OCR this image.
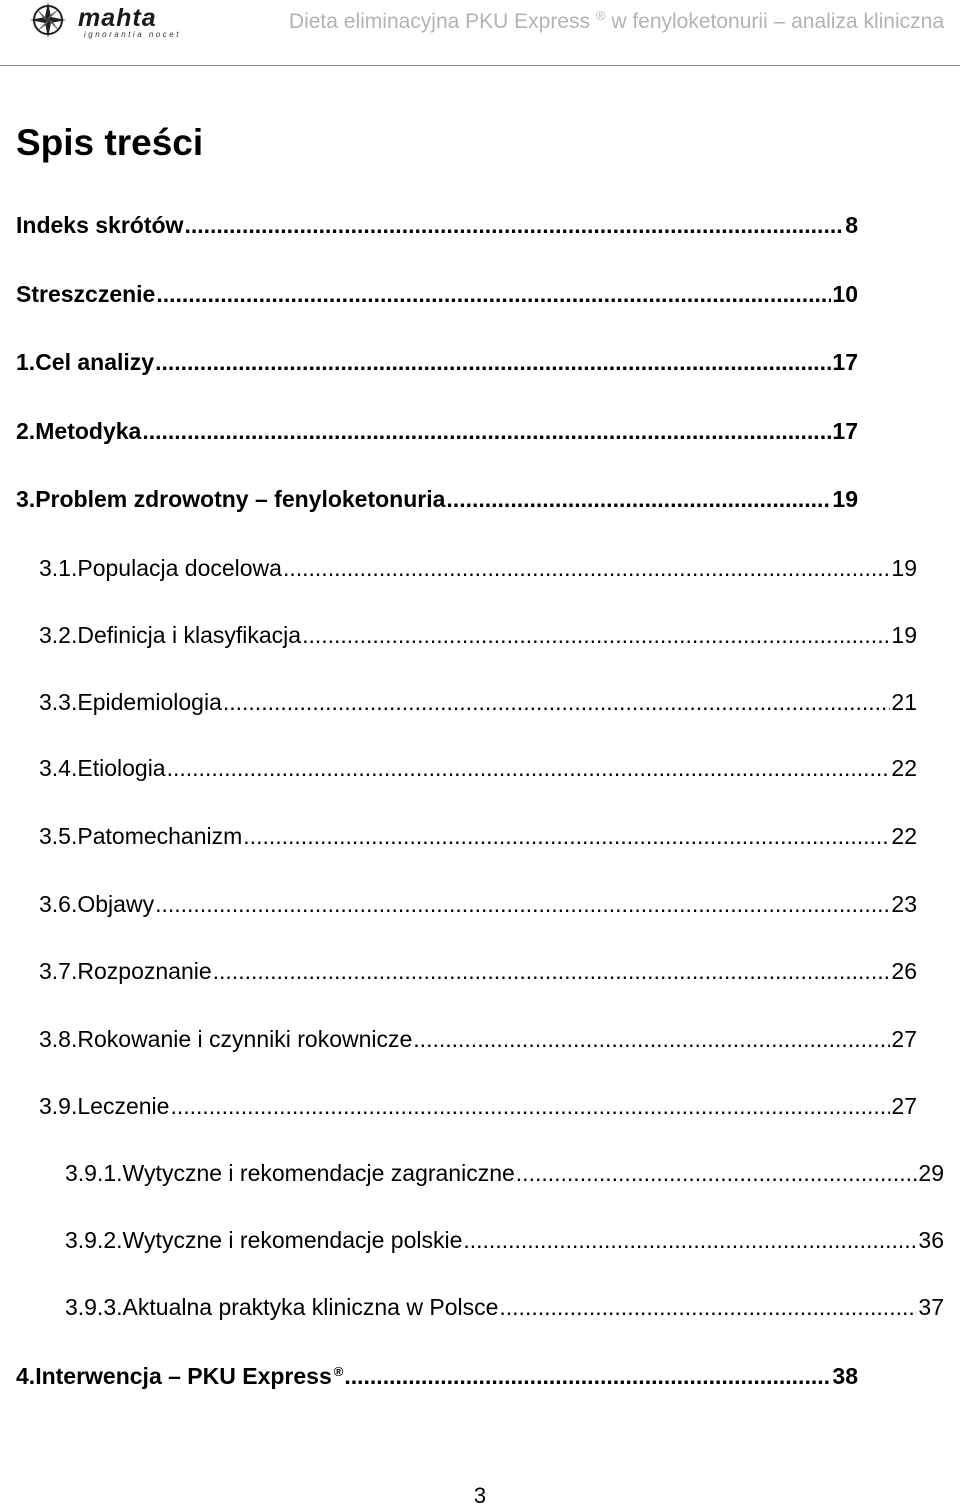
mahta
ignorantia nocet
Dieta eliminacyjna PKU Express ® w fenyloketonurii – analiza kliniczna
Spis treści
Indeks skrótów .....	8
Streszczenie .....	10
1. Cel analizy .....	17
2. Metodyka .....	17
3. Problem zdrowotny – fenyloketonuria .....	19
3.1. Populacja docelowa .....	19
3.2. Definicja i klasyfikacja .....	19
3.3. Epidemiologia .....	21
3.4. Etiologia .....	22
3.5. Patomechanizm .....	22
3.6. Objawy .....	23
3.7. Rozpoznanie .....	26
3.8. Rokowanie i czynniki rokownicze .....	27
3.9. Leczenie .....	27
3.9.1. Wytyczne i rekomendacje zagraniczne .....	29
3.9.2. Wytyczne i rekomendacje polskie .....	36
3.9.3. Aktualna praktyka kliniczna w Polsce .....	37
4. Interwencja – PKU Express® .....	38
3
